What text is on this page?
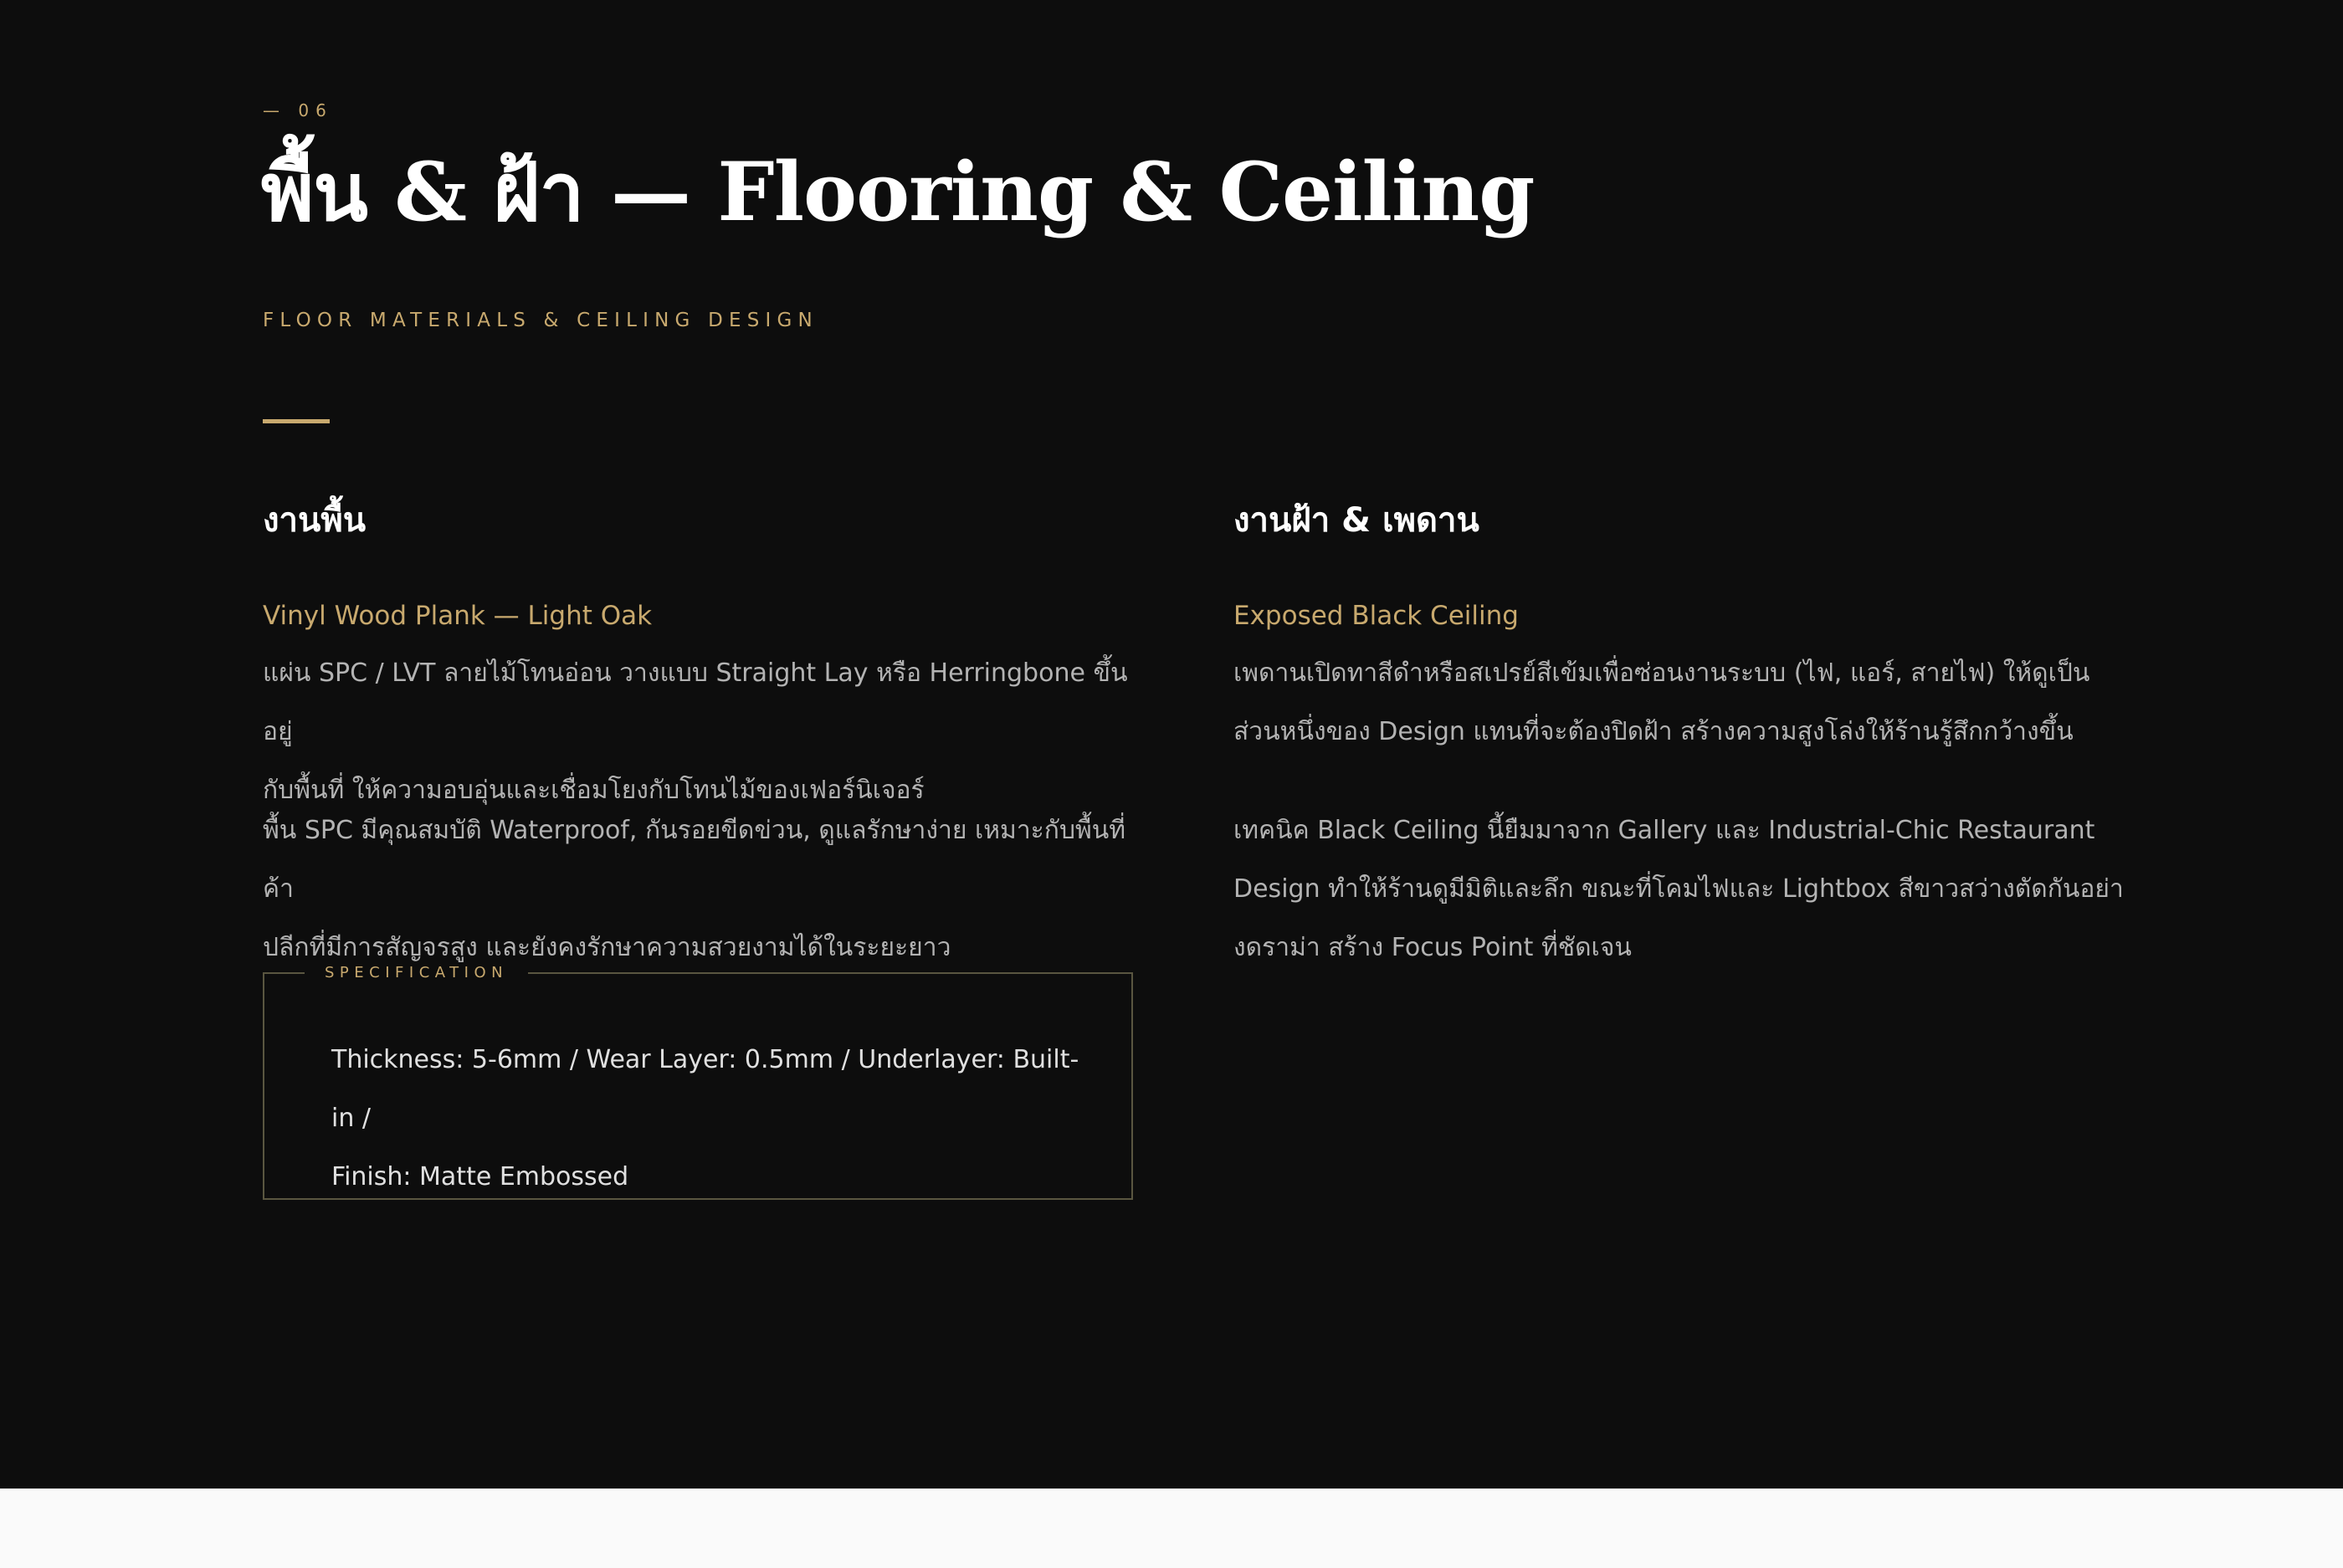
— 06
พื้น & ฝ้า — Flooring & Ceiling
FLOOR MATERIALS & CEILING DESIGN
งานพื้น
Vinyl Wood Plank — Light Oak
แผ่น SPC / LVT ลายไม้โทนอ่อน วางแบบ Straight Lay หรือ Herringbone ขึ้นอยู่
กับพื้นที่ ให้ความอบอุ่นและเชื่อมโยงกับโทนไม้ของเฟอร์นิเจอร์
พื้น SPC มีคุณสมบัติ Waterproof, กันรอยขีดข่วน, ดูแลรักษาง่าย เหมาะกับพื้นที่ค้า
ปลีกที่มีการสัญจรสูง และยังคงรักษาความสวยงามได้ในระยะยาว
SPECIFICATION
Thickness: 5-6mm / Wear Layer: 0.5mm / Underlayer: Built-in /
Finish: Matte Embossed
งานฝ้า & เพดาน
Exposed Black Ceiling
เพดานเปิดทาสีดำหรือสเปรย์สีเข้มเพื่อซ่อนงานระบบ (ไฟ, แอร์, สายไฟ) ให้ดูเป็น
ส่วนหนึ่งของ Design แทนที่จะต้องปิดฝ้า สร้างความสูงโล่งให้ร้านรู้สึกกว้างขึ้น
เทคนิค Black Ceiling นี้ยืมมาจาก Gallery และ Industrial-Chic Restaurant
Design ทำให้ร้านดูมีมิติและลึก ขณะที่โคมไฟและ Lightbox สีขาวสว่างตัดกันอย่า
งดราม่า สร้าง Focus Point ที่ชัดเจน
